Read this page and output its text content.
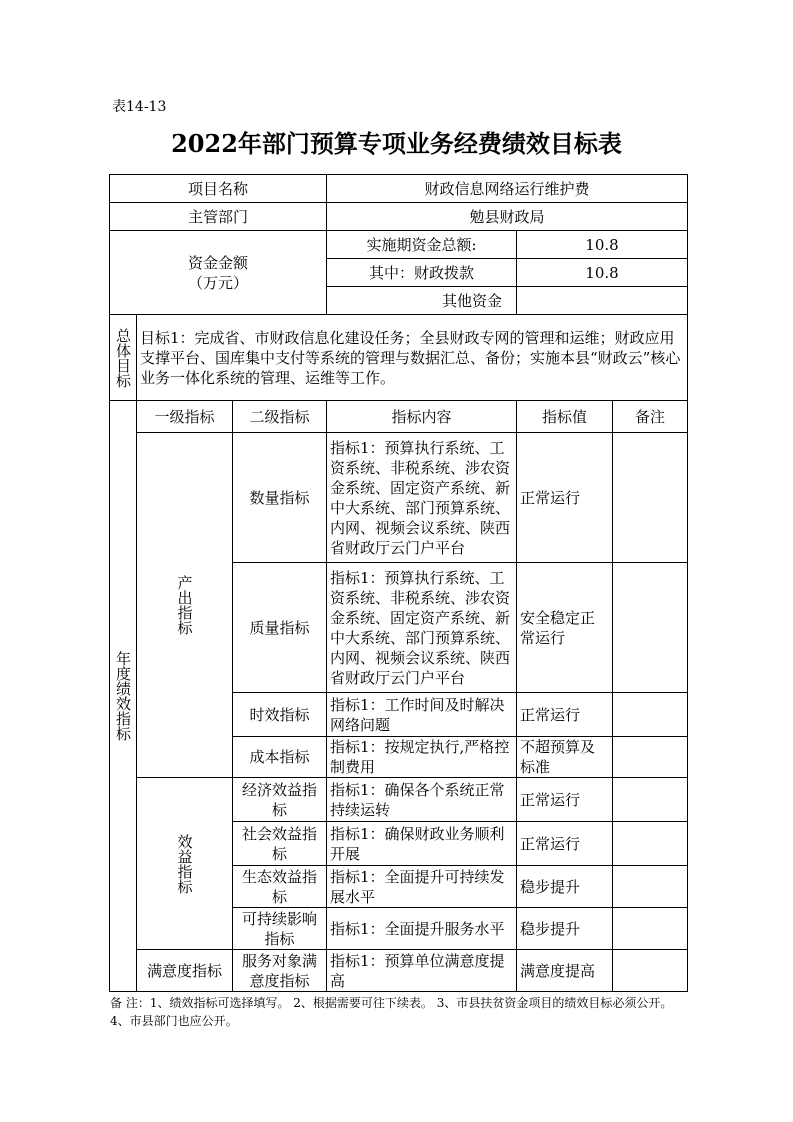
表14-13
2022年部门预算专项业务经费绩效目标表
项目名称			财政信息网络运行维护费		
主管部门			勉县财政局		
资金金额
（万元）			实施期资金总额:	10.8	
			其中：财政拨款	10.8	
			其他资金		
总体目标	目标1：完成省、市财政信息化建设任务；全县财政专网的管理和运维；财政应用支撑平台、国库集中支付等系统的管理与数据汇总、备份；实施本县“财政云”核心业务一体化系统的管理、运维等工作。				
年度绩效指标	一级指标	二级指标	指标内容	指标值	备注
	产出指标	数量指标	指标1：预算执行系统、工资系统、非税系统、涉农资金系统、固定资产系统、新中大系统、部门预算系统、内网、视频会议系统、陕西省财政厅云门户平台	正常运行	
		质量指标	指标1：预算执行系统、工资系统、非税系统、涉农资金系统、固定资产系统、新中大系统、部门预算系统、内网、视频会议系统、陕西省财政厅云门户平台	安全稳定正常运行	
		时效指标	指标1：工作时间及时解决网络问题	正常运行	
		成本指标	指标1：按规定执行,严格控制费用	不超预算及标准	
	效益指标	经济效益指标	指标1：确保各个系统正常持续运转	正常运行	
		社会效益指标	指标1：确保财政业务顺利开展	正常运行	
		生态效益指标	指标1：全面提升可持续发展水平	稳步提升	
		可持续影响指标	指标1：全面提升服务水平	稳步提升	
	满意度指标	服务对象满意度指标	指标1：预算单位满意度提高	满意度提高	
备 注：1、绩效指标可选择填写。 2、根据需要可往下续表。 3、市县扶贫资金项目的绩效目标必须公开。4、市县部门也应公开。
